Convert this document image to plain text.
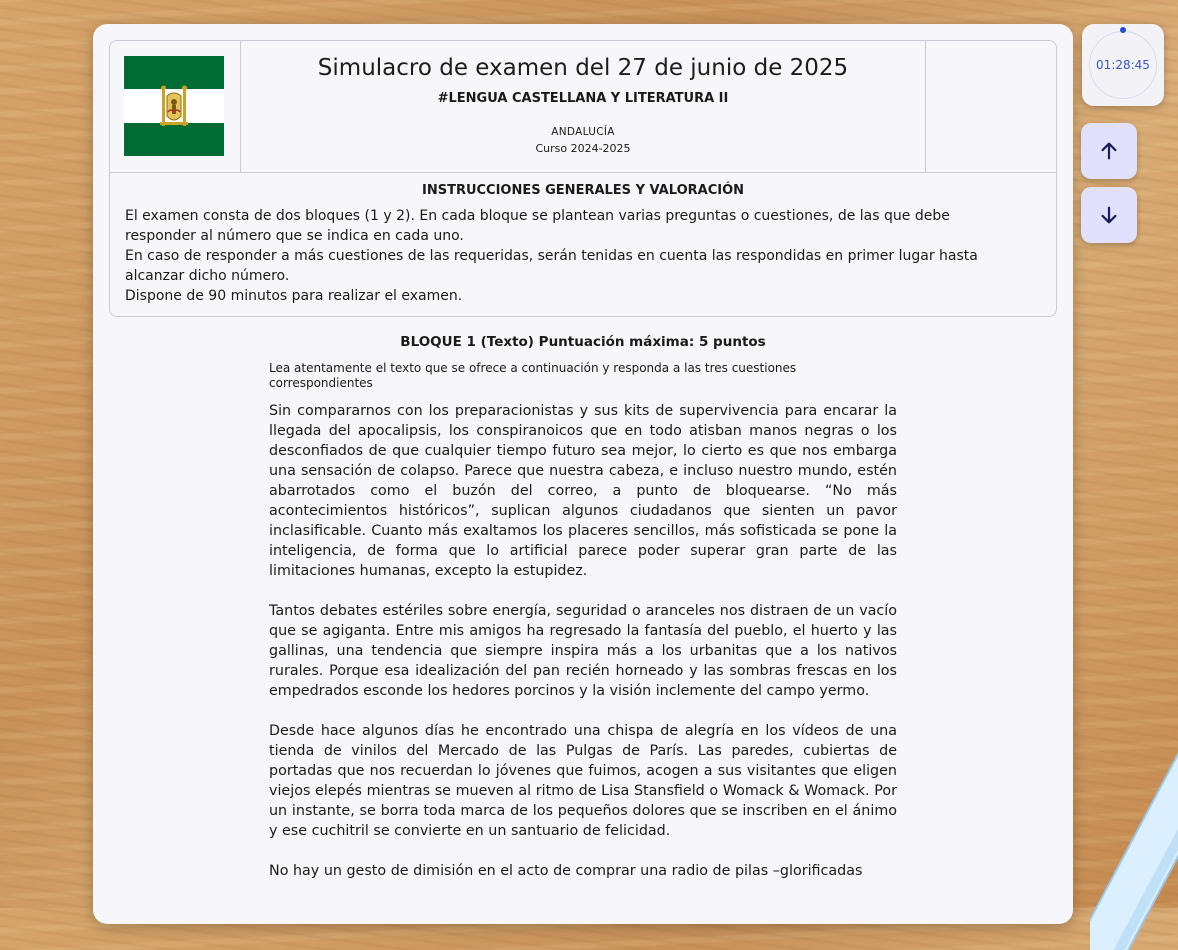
Simulacro de examen del 27 de junio de 2025
#LENGUA CASTELLANA Y LITERATURA II
ANDALUCÍA
Curso 2024-2025
INSTRUCCIONES GENERALES Y VALORACIÓN

El examen consta de dos bloques (1 y 2). En cada bloque se plantean varias preguntas o cuestiones, de las que debe responder al número que se indica en cada uno.

En caso de responder a más cuestiones de las requeridas, serán tenidas en cuenta las respondidas en primer lugar hasta alcanzar dicho número.

Dispone de 90 minutos para realizar el examen.

BLOQUE 1 (Texto) Puntuación máxima: 5 puntos
Lea atentamente el texto que se ofrece a continuación y responda a las tres cuestiones correspondientes

Sin compararnos con los preparacionistas y sus kits de supervivencia para encarar la llegada del apocalipsis, los conspiranoicos que en todo atisban manos negras o los desconfiados de que cualquier tiempo futuro sea mejor, lo cierto es que nos embarga una sensación de colapso. Parece que nuestra cabeza, e incluso nuestro mundo, estén abarrotados como el buzón del correo, a punto de bloquearse. “No más acontecimientos históricos”, suplican algunos ciudadanos que sienten un pavor inclasificable. Cuanto más exaltamos los placeres sencillos, más sofisticada se pone la inteligencia, de forma que lo artificial parece poder superar gran parte de las limitaciones humanas, excepto la estupidez.

Tantos debates estériles sobre energía, seguridad o aranceles nos distraen de un vacío que se agiganta. Entre mis amigos ha regresado la fantasía del pueblo, el huerto y las gallinas, una tendencia que siempre inspira más a los urbanitas que a los nativos rurales. Porque esa idealización del pan recién horneado y las sombras frescas en los empedrados esconde los hedores porcinos y la visión inclemente del campo yermo.

Desde hace algunos días he encontrado una chispa de alegría en los vídeos de una tienda de vinilos del Mercado de las Pulgas de París. Las paredes, cubiertas de portadas que nos recuerdan lo jóvenes que fuimos, acogen a sus visitantes que eligen viejos elepés mientras se mueven al ritmo de Lisa Stansfield o Womack & Womack. Por un instante, se borra toda marca de los pequeños dolores que se inscriben en el ánimo y ese cuchitril se convierte en un santuario de felicidad.

No hay un gesto de dimisión en el acto de comprar una radio de pilas –glorificadas

01:28:45
